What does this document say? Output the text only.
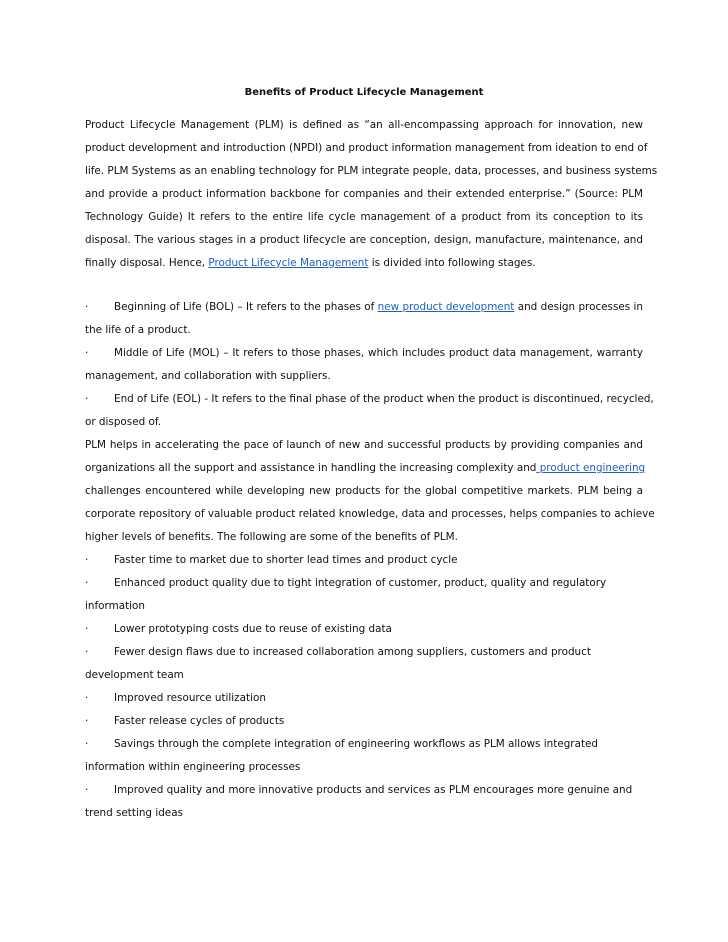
Benefits of Product Lifecycle Management
Product Lifecycle Management (PLM) is defined as “an all-encompassing approach for innovation, new
product development and introduction (NPDI) and product information management from ideation to end of
life. PLM Systems as an enabling technology for PLM integrate people, data, processes, and business systems
and provide a product information backbone for companies and their extended enterprise.” (Source: PLM
Technology Guide) It refers to the entire life cycle management of a product from its conception to its
disposal. The various stages in a product lifecycle are conception, design, manufacture, maintenance, and
finally disposal. Hence, Product Lifecycle Management is divided into following stages.
· Beginning of Life (BOL) – It refers to the phases of new product development and design processes in
the life of a product.
· Middle of Life (MOL) – It refers to those phases, which includes product data management, warranty
management, and collaboration with suppliers.
· End of Life (EOL) - It refers to the final phase of the product when the product is discontinued, recycled,
or disposed of.
PLM helps in accelerating the pace of launch of new and successful products by providing companies and
organizations all the support and assistance in handling the increasing complexity and product engineering
challenges encountered while developing new products for the global competitive markets. PLM being a
corporate repository of valuable product related knowledge, data and processes, helps companies to achieve
higher levels of benefits. The following are some of the benefits of PLM.
· Faster time to market due to shorter lead times and product cycle
· Enhanced product quality due to tight integration of customer, product, quality and regulatory
information
· Lower prototyping costs due to reuse of existing data
· Fewer design flaws due to increased collaboration among suppliers, customers and product
development team
· Improved resource utilization
· Faster release cycles of products
· Savings through the complete integration of engineering workflows as PLM allows integrated
information within engineering processes
· Improved quality and more innovative products and services as PLM encourages more genuine and
trend setting ideas
